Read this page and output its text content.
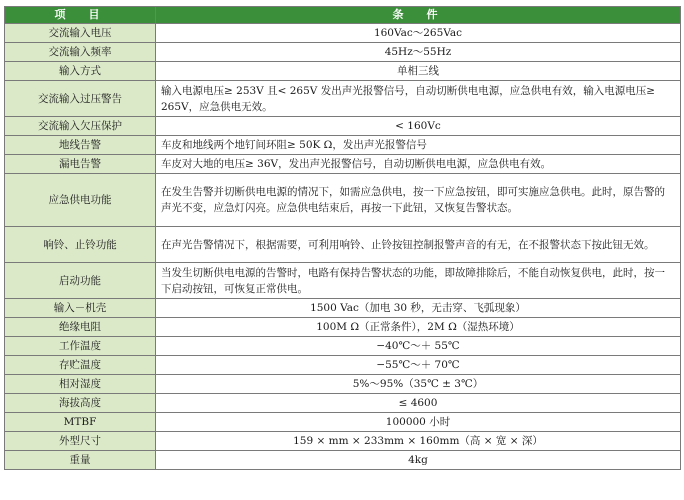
项　目	条　件
交流输入电压	160Vac～265Vac
交流输入频率	45Hz～55Hz
输入方式	单相三线
交流输入过压警告	输入电源电压≥ 253V 且< 265V 发出声光报警信号，自动切断供电电源，应急供电有效，输入电源电压≥ 265V，应急供电无效。
交流输入欠压保护	< 160Vc
地线告警	车皮和地线两个地钉间环阻≥ 50K Ω，发出声光报警信号
漏电告警	车皮对大地的电压≥ 36V，发出声光报警信号，自动切断供电电源，应急供电有效。
应急供电功能	在发生告警并切断供电电源的情况下，如需应急供电，按一下应急按钮，即可实施应急供电。此时，原告警的声光不变，应急灯闪亮。应急供电结束后，再按一下此钮，又恢复告警状态。
响铃、止铃功能	在声光告警情况下，根据需要，可利用响铃、止铃按钮控制报警声音的有无，在不报警状态下按此钮无效。
启动功能	当发生切断供电电源的告警时，电路有保持告警状态的功能，即故障排除后，不能自动恢复供电，此时，按一下启动按钮，可恢复正常供电。
输入－机壳	1500 Vac（加电 30 秒，无击穿、飞弧现象）
绝缘电阻	100M Ω（正常条件），2M Ω（湿热环境）
工作温度	−40℃～＋ 55℃
存贮温度	−55℃～＋ 70℃
相对湿度	5%～95%（35℃ ± 3℃）
海拔高度	≤ 4600
MTBF	100000 小时
外型尺寸	159 × mm × 233mm × 160mm（高 × 宽 × 深）
重量	4kg
